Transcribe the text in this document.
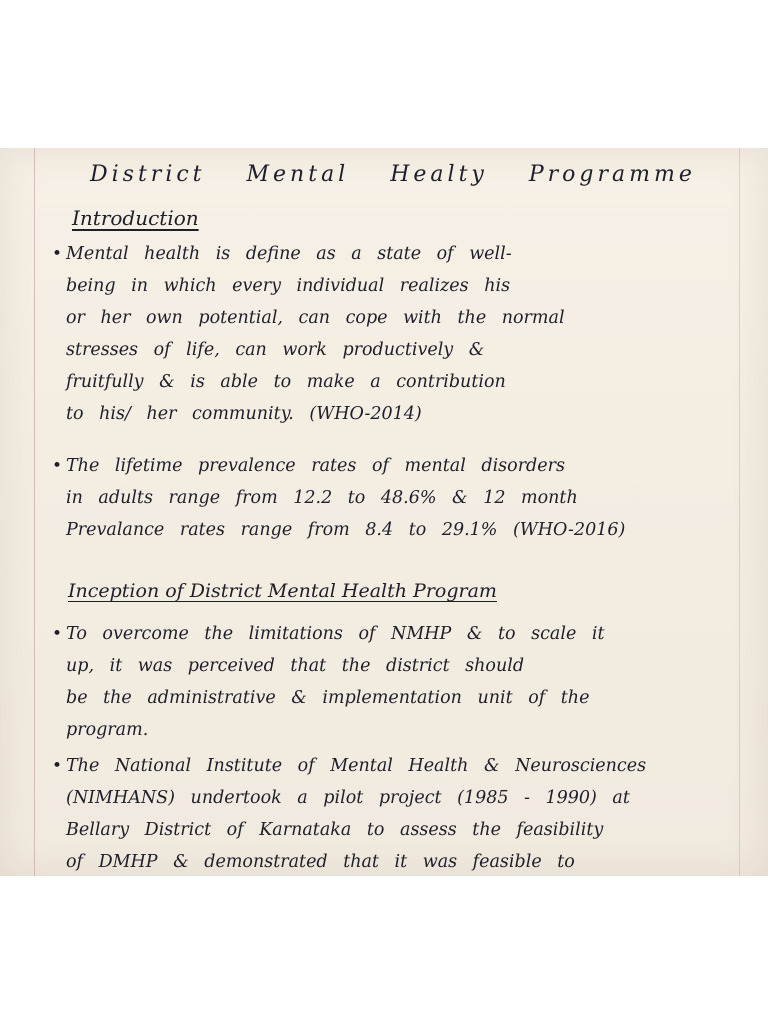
District Mental Healty Programme
Introduction
• Mental health is define as a state of well-
being in which every individual realizes his
or her own potential, can cope with the normal
stresses of life, can work productively &
fruitfully & is able to make a contribution
to his/ her community. (WHO-2014)
• The lifetime prevalence rates of mental disorders
in adults range from 12.2 to 48.6% & 12 month
Prevalance rates range from 8.4 to 29.1% (WHO-2016)
Inception of District Mental Health Program
• To overcome the limitations of NMHP & to scale it
up, it was perceived that the district should
be the administrative & implementation unit of the
program.
• The National Institute of Mental Health & Neurosciences
(NIMHANS) undertook a pilot project (1985 - 1990) at
Bellary District of Karnataka to assess the feasibility
of DMHP & demonstrated that it was feasible to
